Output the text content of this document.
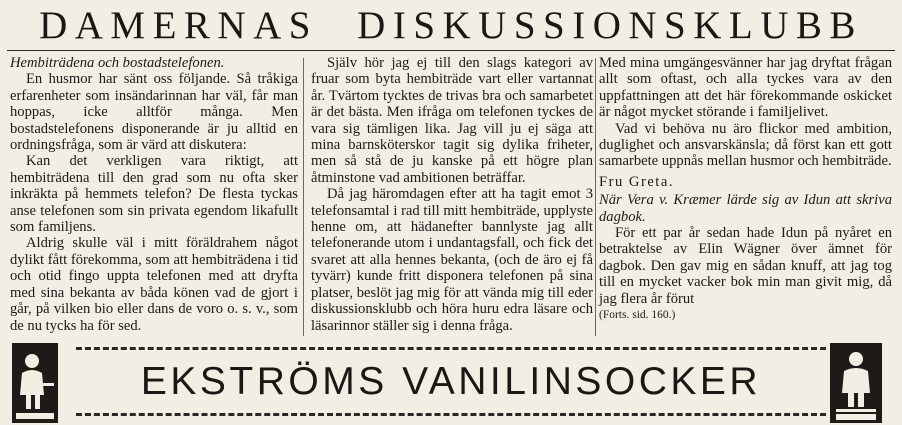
DAMERNAS DISKUSSIONSKLUBB

Hembiträdena och bostadstelefonen.

En husmor har sänt oss följande. Så tråkiga erfarenheter som insändarinnan har väl, får man hoppas, icke alltför många. Men bostadstelefonens disponerande är ju alltid en ordningsfråga, som är värd att diskutera:

Kan det verkligen vara riktigt, att hembiträdena till den grad som nu ofta sker inkräkta på hemmets telefon? De flesta tyckas anse telefonen som sin privata egendom likafullt som familjens.

Aldrig skulle väl i mitt föräldrahem något dylikt fått förekomma, som att hembiträdena i tid och otid fingo uppta telefonen med att dryfta med sina bekanta av båda könen vad de gjort i går, på vilken bio eller dans de voro o. s. v., som de nu tycks ha för sed.

Själv hör jag ej till den slags kategori av fruar som byta hembiträde vart eller vartannat år. Tvärtom tycktes de trivas bra och samarbetet är det bästa. Men ifråga om telefonen tyckes de vara sig tämligen lika. Jag vill ju ej säga att mina barnsköterskor tagit sig dylika friheter, men så stå de ju kanske på ett högre plan åtminstone vad ambitionen beträffar.

Då jag häromdagen efter att ha tagit emot 3 telefonsamtal i rad till mitt hembiträde, upplyste henne om, att hädanefter bannlyste jag allt telefonerande utom i undantagsfall, och fick det svaret att alla hennes bekanta, (och de äro ej få tyvärr) kunde fritt disponera telefonen på sina platser, beslöt jag mig för att vända mig till eder diskussionsklubb och höra huru edra läsare och läsarinnor ställer sig i denna fråga.

Med mina umgängesvänner har jag dryftat frågan allt som oftast, och alla tyckes vara av den uppfattningen att det här förekommande oskicket är något mycket störande i familjelivet.

Vad vi behöva nu äro flickor med ambition, duglighet och ansvarskänsla; då först kan ett gott samarbete uppnås mellan husmor och hembiträde.

Fru Greta.

När Vera v. Kræmer lärde sig av Idun att skriva dagbok.

För ett par år sedan hade Idun på nyåret en betraktelse av Elin Wägner över ämnet för dagbok. Den gav mig en sådan knuff, att jag tog till en mycket vacker bok min man givit mig, då jag flera år förut

(Forts. sid. 160.)

EKSTRÖMS VANILINSOCKER
